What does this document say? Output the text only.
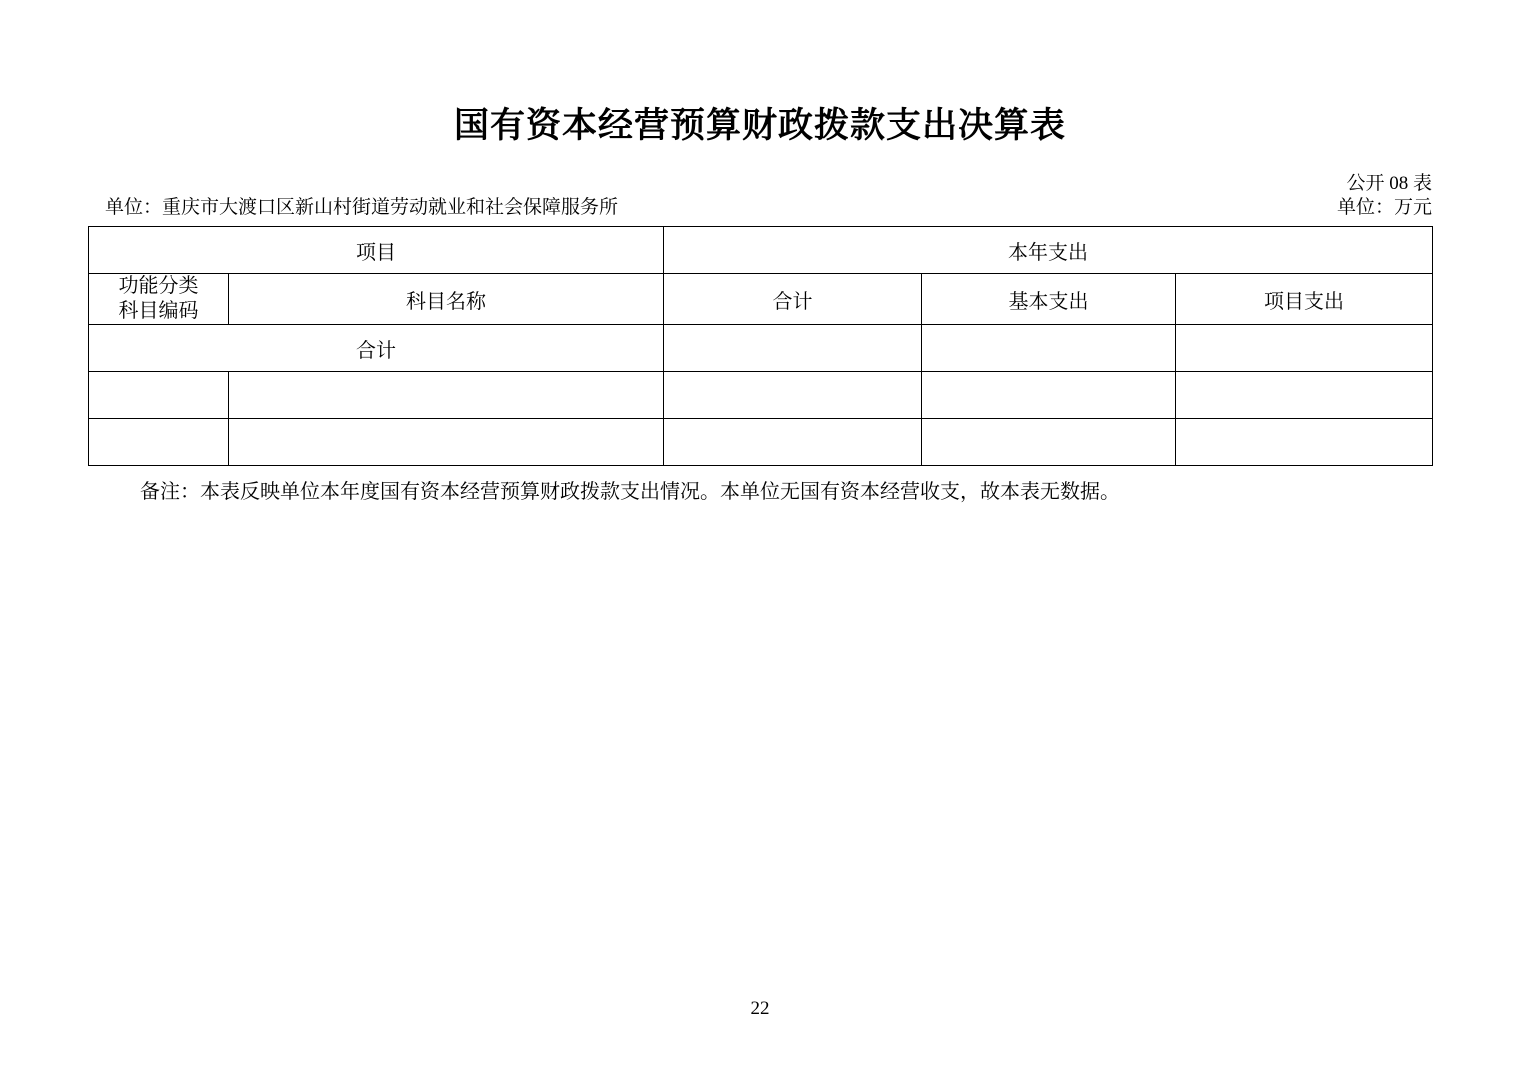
国有资本经营预算财政拨款支出决算表
公开 08 表
单位：重庆市大渡口区新山村街道劳动就业和社会保障服务所	单位：万元
项目		本年支出		

功能分类
科目编码	科目名称	合计	基本支出	项目支出
合计				

备注：本表反映单位本年度国有资本经营预算财政拨款支出情况。本单位无国有资本经营收支，故本表无数据。
22
